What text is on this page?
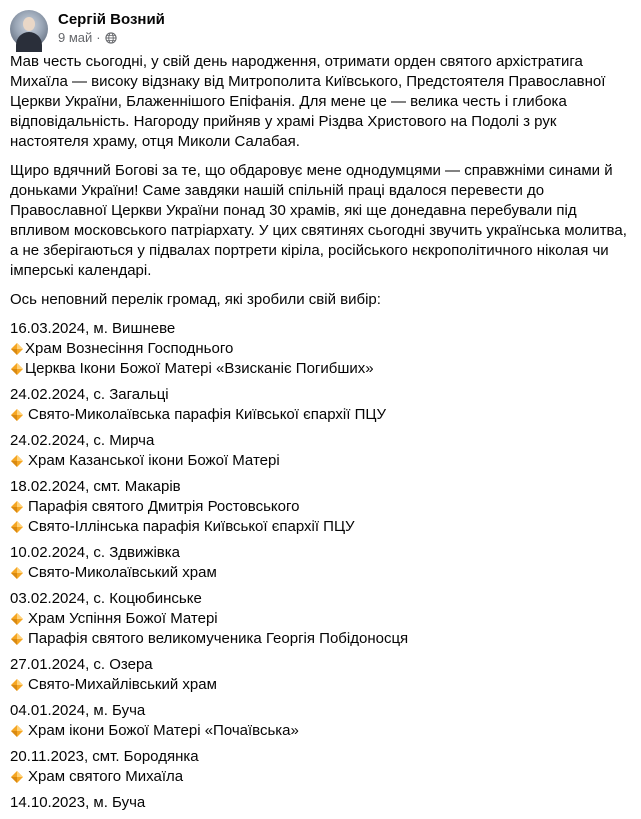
Сергій Возний
9 май ·

Мав честь сьогодні, у свій день народження, отримати орден святого архістратига Михаїла — високу відзнаку від Митрополита Київського, Предстоятеля Православної Церкви України, Блаженнішого Епіфанія. Для мене це — велика честь і глибока відповідальність. Нагороду прийняв у храмі Різдва Христового на Подолі з рук настоятеля храму, отця Миколи Салабая.

Щиро вдячний Богові за те, що обдаровує мене однодумцями — справжніми синами й доньками України! Саме завдяки нашій спільній праці вдалося перевести до Православної Церкви України понад 30 храмів, які ще донедавна перебували під впливом московського патріархату. У цих святинях сьогодні звучить українська молитва, а не зберігаються у підвалах портрети кіріла, російського нєкрополітичного ніколая чи імперські календарі.

Ось неповний перелік громад, які зробили свій вибір:

16.03.2024, м. Вишневе
Храм Вознесіння Господнього
Церква Ікони Божої Матері «Взисканіє Погибших»
24.02.2024, с. Загальці
Свято-Миколаївська парафія Київської єпархії ПЦУ
24.02.2024, с. Мирча
Храм Казанської ікони Божої Матері
18.02.2024, смт. Макарів
Парафія святого Дмитрія Ростовського
Свято-Іллінська парафія Київської єпархії ПЦУ
10.02.2024, с. Здвижівка
Свято-Миколаївський храм
03.02.2024, с. Коцюбинське
Храм Успіння Божої Матері
Парафія святого великомученика Георгія Побідоносця
27.01.2024, с. Озера
Свято-Михайлівський храм
04.01.2024, м. Буча
Храм ікони Божої Матері «Почаївська»
20.11.2023, смт. Бородянка
Храм святого Михаїла
14.10.2023, м. Буча
